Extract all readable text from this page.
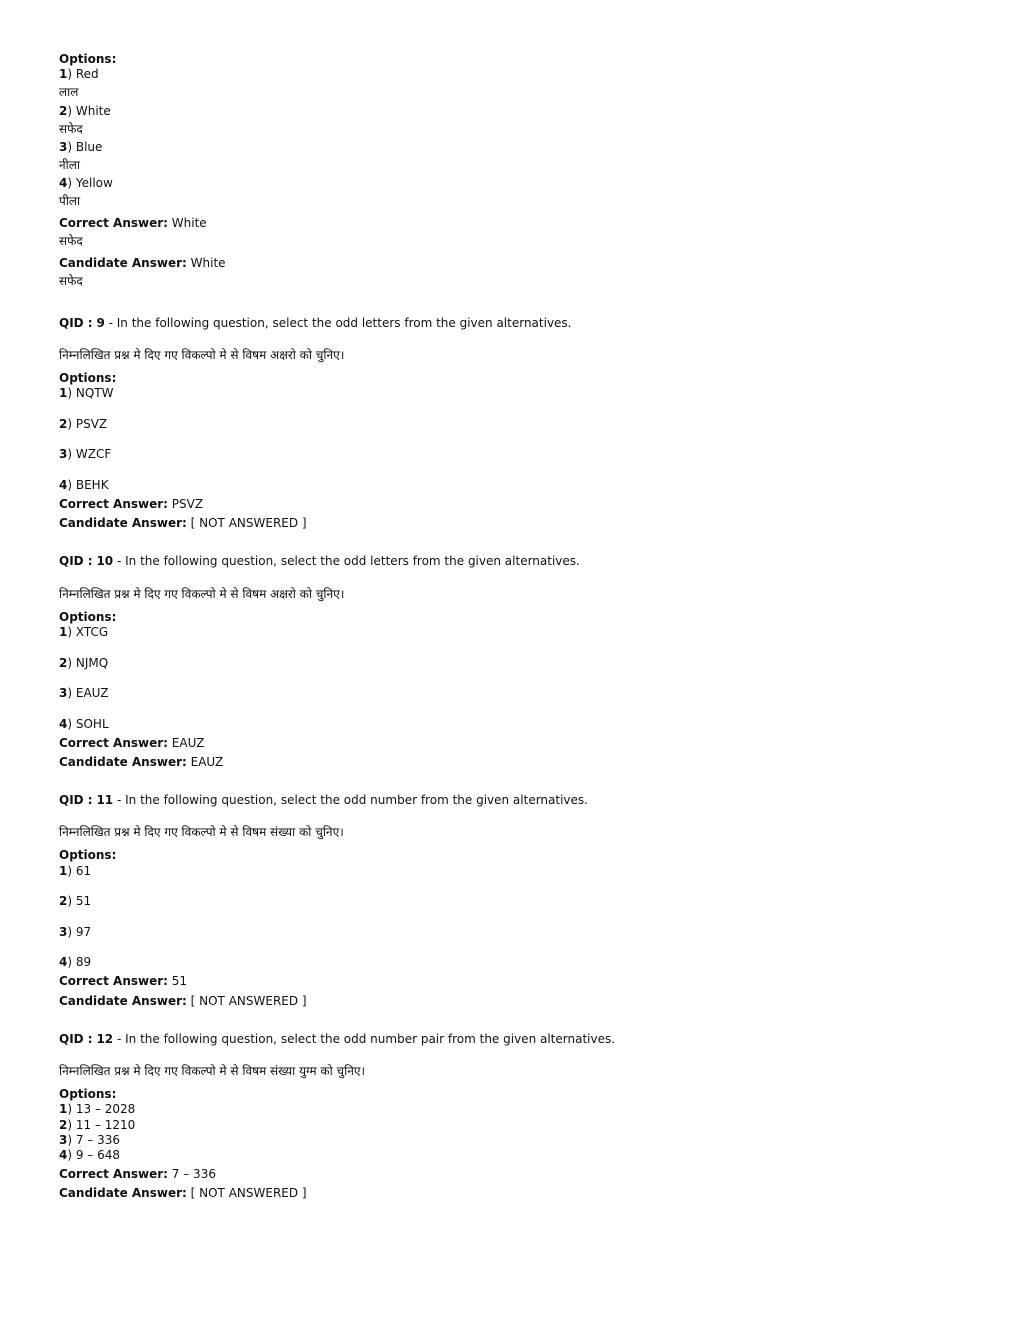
Options:
1) Red
लाल
2) White
सफेद
3) Blue
नीला
4) Yellow
पीला
Correct Answer: White
सफेद
Candidate Answer: White
सफेद
QID : 9 - In the following question, select the odd letters from the given alternatives.
निम्नलिखित प्रश्न मे दिए गए विकल्पो मे से विषम अक्षरो को चुनिए।
Options:
1) NQTW
2) PSVZ
3) WZCF
4) BEHK
Correct Answer: PSVZ
Candidate Answer: [ NOT ANSWERED ]
QID : 10 - In the following question, select the odd letters from the given alternatives.
निम्नलिखित प्रश्न मे दिए गए विकल्पो मे से विषम अक्षरो को चुनिए।
Options:
1) XTCG
2) NJMQ
3) EAUZ
4) SOHL
Correct Answer: EAUZ
Candidate Answer: EAUZ
QID : 11 - In the following question, select the odd number from the given alternatives.
निम्नलिखित प्रश्न मे दिए गए विकल्पो मे से विषम संख्या को चुनिए।
Options:
1) 61
2) 51
3) 97
4) 89
Correct Answer: 51
Candidate Answer: [ NOT ANSWERED ]
QID : 12 - In the following question, select the odd number pair from the given alternatives.
निम्नलिखित प्रश्न मे दिए गए विकल्पो मे से विषम संख्या युग्म को चुनिए।
Options:
1) 13 – 2028
2) 11 – 1210
3) 7 – 336
4) 9 – 648
Correct Answer: 7 – 336
Candidate Answer: [ NOT ANSWERED ]
